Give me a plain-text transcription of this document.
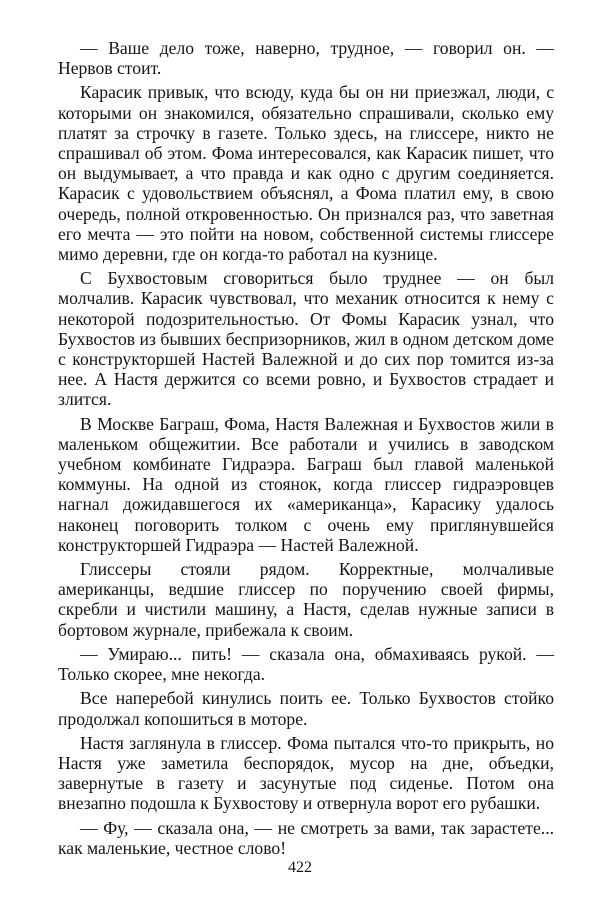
— Ваше дело тоже, наверно, трудное, — говорил он. — Нервов стоит.

Карасик привык, что всюду, куда бы он ни приезжал, люди, с которыми он знакомился, обязательно спрашивали, сколько ему платят за строчку в газете. Только здесь, на глиссере, никто не спрашивал об этом. Фома интересовался, как Карасик пишет, что он выдумывает, а что правда и как одно с другим соединяется. Карасик с удовольствием объяснял, а Фома платил ему, в свою очередь, полной откровенностью. Он признался раз, что заветная его мечта — это пойти на новом, собственной системы глиссере мимо деревни, где он когда-то работал на кузнице.

С Бухвостовым сговориться было труднее — он был молчалив. Карасик чувствовал, что механик относится к нему с некоторой подозрительностью. От Фомы Карасик узнал, что Бухвостов из бывших беспризорников, жил в одном детском доме с конструкторшей Настей Валежной и до сих пор томится из-за нее. А Настя держится со всеми ровно, и Бухвостов страдает и злится.

В Москве Баграш, Фома, Настя Валежная и Бухвостов жили в маленьком общежитии. Все работали и учились в заводском учебном комбинате Гидраэра. Баграш был главой маленькой коммуны. На одной из стоянок, когда глиссер гидраэровцев нагнал дожидавшегося их «американца», Карасику удалось наконец поговорить толком с очень ему приглянувшейся конструкторшей Гидраэра — Настей Валежной.

Глиссеры стояли рядом. Корректные, молчаливые американцы, ведшие глиссер по поручению своей фирмы, скребли и чистили машину, а Настя, сделав нужные записи в бортовом журнале, прибежала к своим.

— Умираю... пить! — сказала она, обмахиваясь рукой. — Только скорее, мне некогда.

Все наперебой кинулись поить ее. Только Бухвостов стойко продолжал копошиться в моторе.

Настя заглянула в глиссер. Фома пытался что-то прикрыть, но Настя уже заметила беспорядок, мусор на дне, объедки, завернутые в газету и засунутые под сиденье. Потом она внезапно подошла к Бухвостову и отвернула ворот его рубашки.

— Фу, — сказала она, — не смотреть за вами, так зарастете... как маленькие, честное слово!

422
